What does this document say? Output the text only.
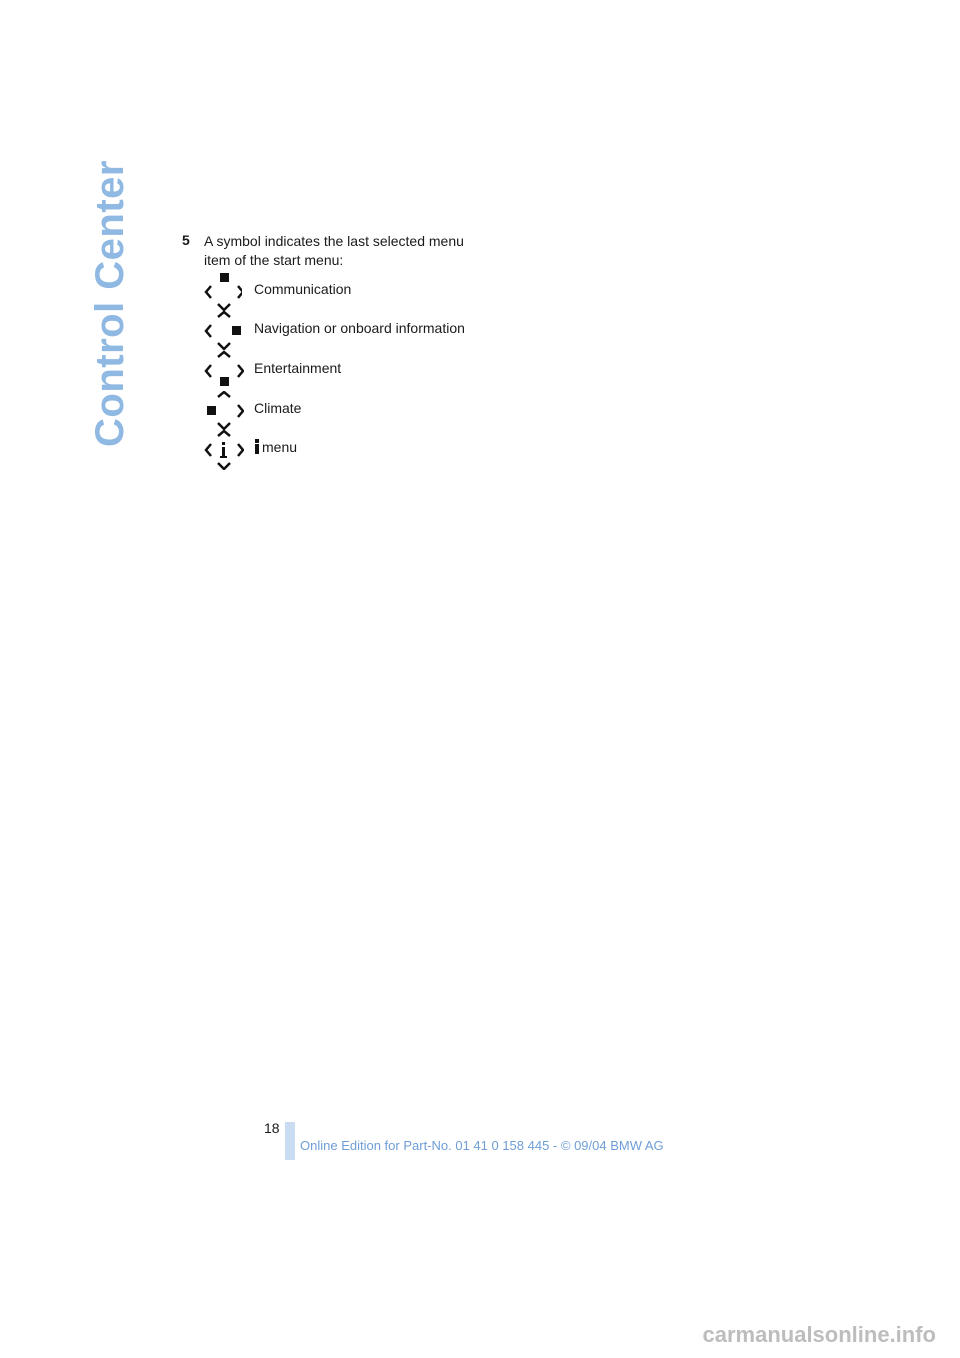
Control Center	5 A symbol indicates the last selected menu item of the start menu:
Communication
Navigation or onboard information
Entertainment
Climate
menu
18
Online Edition for Part-No. 01 41 0 158 445 - © 09/04 BMW AG
carmanualsonline.info
